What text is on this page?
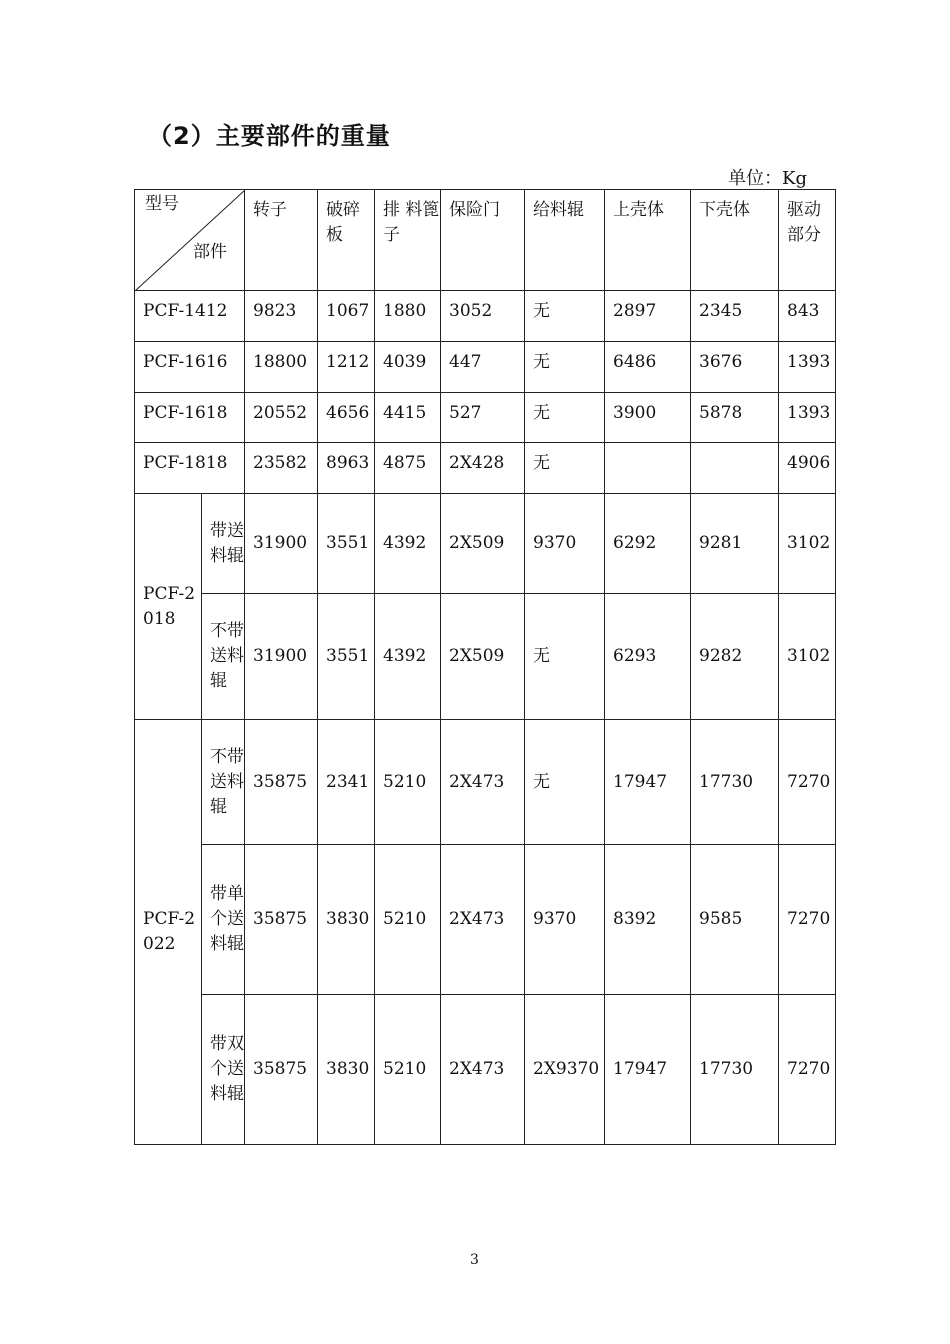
（2）主要部件的重量
单位：Kg
型号
部件		转子	破碎板	排 料篦 子	保险门	给料辊	上壳体	下壳体	驱动部分
PCF-1412		9823	1067	1880	3052	无	2897	2345	843
PCF-1616		18800	1212	4039	447	无	6486	3676	1393
PCF-1618		20552	4656	4415	527	无	3900	5878	1393
PCF-1818		23582	8963	4875	2X428	无			4906
PCF-2018	带送料辊	31900	3551	4392	2X509	9370	6292	9281	3102
	不带送料辊	31900	3551	4392	2X509	无	6293	9282	3102
PCF-2022	不带送料辊	35875	2341	5210	2X473	无	17947	17730	7270
	带单个送料辊	35875	3830	5210	2X473	9370	8392	9585	7270
	带双个送料辊	35875	3830	5210	2X473	2X9370	17947	17730	7270
3
